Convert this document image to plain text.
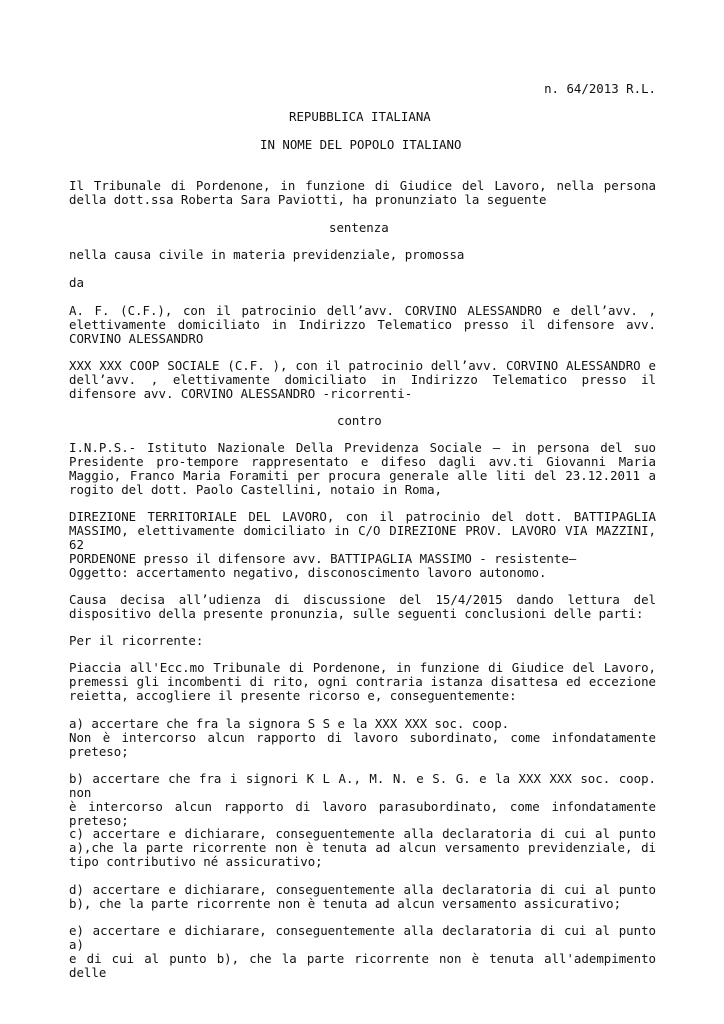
n. 64/2013 R.L.
REPUBBLICA ITALIANA
IN NOME DEL POPOLO ITALIANO
Il Tribunale di Pordenone, in funzione di Giudice del Lavoro, nella persona
della dott.ssa Roberta Sara Paviotti, ha pronunziato la seguente
sentenza
nella causa civile in materia previdenziale, promossa
da
A. F. (C.F.), con il patrocinio dell’avv. CORVINO ALESSANDRO e dell’avv. ,
elettivamente domiciliato in Indirizzo Telematico presso il difensore avv.
CORVINO ALESSANDRO
XXX XXX COOP SOCIALE (C.F. ), con il patrocinio dell’avv. CORVINO ALESSANDRO e
dell’avv. , elettivamente domiciliato in Indirizzo Telematico presso il
difensore avv. CORVINO ALESSANDRO -ricorrenti-
contro
I.N.P.S.- Istituto Nazionale Della Previdenza Sociale – in persona del suo
Presidente pro-tempore rappresentato e difeso dagli avv.ti Giovanni Maria
Maggio, Franco Maria Foramiti per procura generale alle liti del 23.12.2011 a
rogito del dott. Paolo Castellini, notaio in Roma,
DIREZIONE TERRITORIALE DEL LAVORO, con il patrocinio del dott. BATTIPAGLIA
MASSIMO, elettivamente domiciliato in C/O DIREZIONE PROV. LAVORO VIA MAZZINI, 62
PORDENONE presso il difensore avv. BATTIPAGLIA MASSIMO - resistente–
Oggetto: accertamento negativo, disconoscimento lavoro autonomo.
Causa decisa all’udienza di discussione del 15/4/2015 dando lettura del
dispositivo della presente pronunzia, sulle seguenti conclusioni delle parti:
Per il ricorrente:
Piaccia all'Ecc.mo Tribunale di Pordenone, in funzione di Giudice del Lavoro,
premessi gli incombenti di rito, ogni contraria istanza disattesa ed eccezione
reietta, accogliere il presente ricorso e, conseguentemente:
a) accertare che fra la signora S S e la XXX XXX soc. coop.
Non è intercorso alcun rapporto di lavoro subordinato, come infondatamente
preteso;
b) accertare che fra i signori K L A., M. N. e S. G. e la XXX XXX soc. coop. non
è intercorso alcun rapporto di lavoro parasubordinato, come infondatamente
preteso;
c) accertare e dichiarare, conseguentemente alla declaratoria di cui al punto
a),che la parte ricorrente non è tenuta ad alcun versamento previdenziale, di
tipo contributivo né assicurativo;
d) accertare e dichiarare, conseguentemente alla declaratoria di cui al punto
b), che la parte ricorrente non è tenuta ad alcun versamento assicurativo;
e) accertare e dichiarare, conseguentemente alla declaratoria di cui al punto a)
e di cui al punto b), che la parte ricorrente non è tenuta all'adempimento delle
